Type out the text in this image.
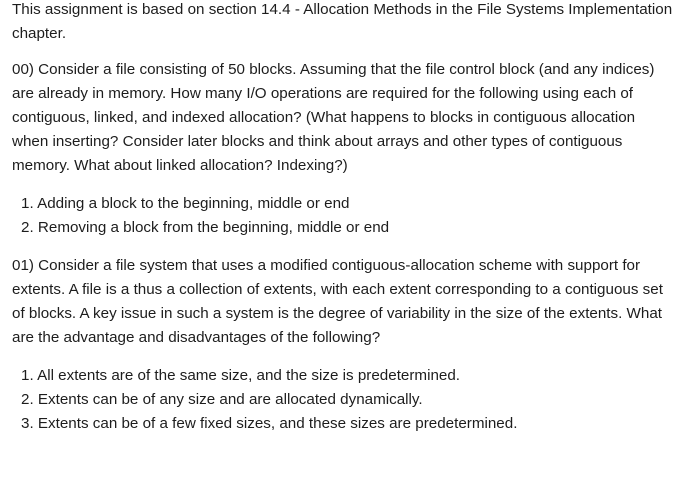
This assignment is based on section 14.4 - Allocation Methods in the File Systems Implementation chapter.

00) Consider a file consisting of 50 blocks. Assuming that the file control block (and any indices) are already in memory. How many I/O operations are required for the following using each of contiguous, linked, and indexed allocation? (What happens to blocks in contiguous allocation when inserting? Consider later blocks and think about arrays and other types of contiguous memory. What about linked allocation? Indexing?)

1. Adding a block to the beginning, middle or end
2. Removing a block from the beginning, middle or end

01) Consider a file system that uses a modified contiguous-allocation scheme with support for extents. A file is a thus a collection of extents, with each extent corresponding to a contiguous set of blocks. A key issue in such a system is the degree of variability in the size of the extents. What are the advantage and disadvantages of the following?

1. All extents are of the same size, and the size is predetermined.
2. Extents can be of any size and are allocated dynamically.
3. Extents can be of a few fixed sizes, and these sizes are predetermined.
